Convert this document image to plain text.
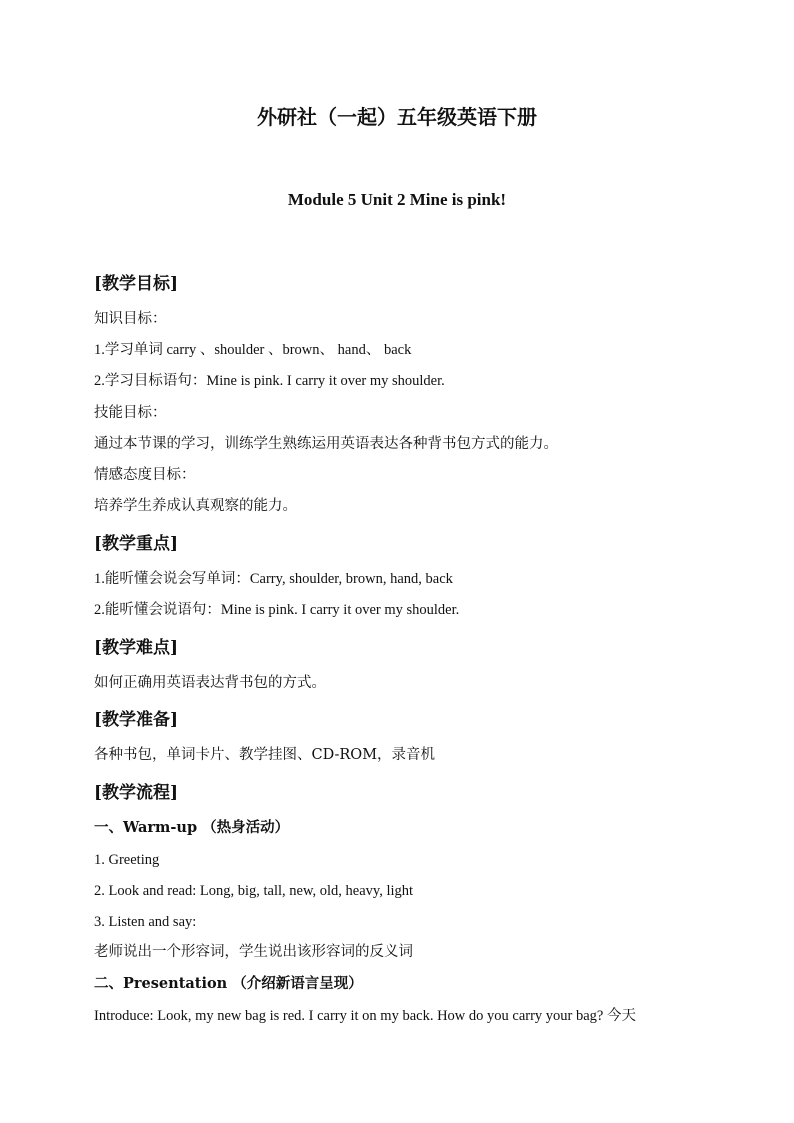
外研社（一起）五年级英语下册
Module 5 Unit 2 Mine is pink!
[教学目标]
知识目标：
1.学习单词 carry 、shoulder 、brown、 hand、 back
2.学习目标语句：Mine is pink. I carry it over my shoulder.
技能目标：
通过本节课的学习，训练学生熟练运用英语表达各种背书包方式的能力。
情感态度目标：
培养学生养成认真观察的能力。
[教学重点]
1.能听懂会说会写单词：Carry, shoulder, brown, hand, back
2.能听懂会说语句：Mine is pink. I carry it over my shoulder.
[教学难点]
如何正确用英语表达背书包的方式。
[教学准备]
各种书包，单词卡片、教学挂图、CD-ROM，录音机
[教学流程]
一、Warm-up （热身活动）
1. Greeting
2. Look and read: Long, big, tall, new, old, heavy, light
3. Listen and say:
老师说出一个形容词，学生说出该形容词的反义词
二、Presentation （介绍新语言呈现）
Introduce: Look, my new bag is red. I carry it on my back. How do you carry your bag? 今天
